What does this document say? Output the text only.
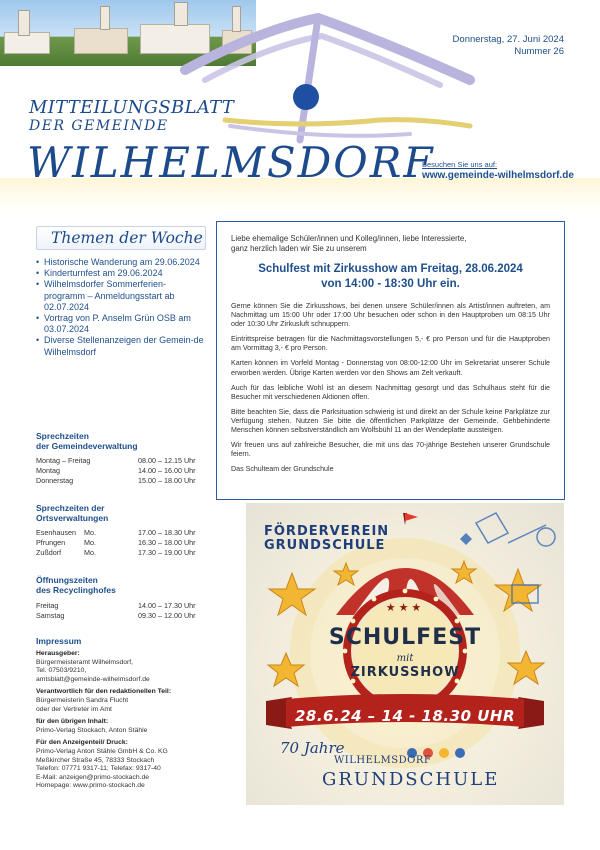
Donnerstag, 27. Juni 2024
Nummer 26
MITTEILUNGSBLATT
DER GEMEINDE
WILHELMSDORF
Besuchen Sie uns auf:
www.gemeinde-wilhelmsdorf.de
Themen der Woche
• Historische Wanderung am 29.06.2024
• Kinderturnfest am 29.06.2024
• Wilhelmsdorfer Sommerferien-programm – Anmeldungsstart ab 02.07.2024
• Vortrag von P. Anselm Grün OSB am 03.07.2024
• Diverse Stellenanzeigen der Gemein-de Wilhelmsdorf
Sprechzeiten
der Gemeindeverwaltung
Montag – Freitag	08.00 – 12.15 Uhr
Montag	14.00 – 16.00 Uhr
Donnerstag	15.00 – 18.00 Uhr
Sprechzeiten der
Ortsverwaltungen
Esenhausen	Mo.	17.00 – 18.30 Uhr
Pfrungen	Mo.	16.30 – 18.00 Uhr
Zußdorf	Mo.	17.30 – 19.00 Uhr
Öffnungszeiten
des Recyclinghofes
Freitag	14.00 – 17.30 Uhr
Samstag	09.30 – 12.00 Uhr
Impressum

Herausgeber:

Bürgermeisteramt Wilhelmsdorf,

Tel. 07503/9210,

amtsblatt@gemeinde-wilhelmsdorf.de

Verantwortlich für den redaktionellen Teil:

Bürgermeisterin Sandra Flucht

oder der Vertreter im Amt

für den übrigen Inhalt:

Primo-Verlag Stockach, Anton Stähle

Für den Anzeigenteil/ Druck:

Primo-Verlag Anton Stähle GmbH & Co. KG

Meßkircher Straße 45, 78333 Stockach

Telefon: 07771 9317-11; Telefax: 9317-40

E-Mail: anzeigen@primo-stockach.de

Homepage: www.primo-stockach.de

Liebe ehemalige Schüler/innen und Kolleg/innen, liebe Interessierte,
ganz herzlich laden wir Sie zu unserem
Schulfest mit Zirkusshow am Freitag, 28.06.2024
von 14:00 - 18:30 Uhr ein.

Gerne können Sie die Zirkusshows, bei denen unsere Schüler/innen als Artist/innen auftreten, am Nachmittag um 15:00 Uhr oder 17:00 Uhr besuchen oder schon in den Hauptproben um 08:15 Uhr oder 10:30 Uhr Zirkusluft schnuppern.

Eintrittspreise betragen für die Nachmittagsvorstellungen 5,- € pro Person und für die Hauptproben am Vormittag 3,- € pro Person.

Karten können im Vorfeld Montag - Donnerstag von 08:00-12:00 Uhr im Sekretariat unserer Schule erworben werden. Übrige Karten werden vor den Shows am Zelt verkauft.

Auch für das leibliche Wohl ist an diesem Nachmittag gesorgt und das Schulhaus steht für die Besucher mit verschiedenen Aktionen offen.

Bitte beachten Sie, dass die Parksituation schwierig ist und direkt an der Schule keine Parkplätze zur Verfügung stehen. Nutzen Sie bitte die öffentlichen Parkplätze der Gemeinde. Gehbehinderte Menschen können selbstverständlich am Wolfsbühl 11 an der Wendeplatte aussteigen.

Wir freuen uns auf zahlreiche Besucher, die mit uns das 70-jährige Bestehen unserer Grundschule feiern.

Das Schulteam der Grundschule

FÖRDERVEREIN
GRUNDSCHULE
★★★
SCHULFEST
mit
ZIRKUSSHOW
28.6.24 – 14 - 18.30 UHR
70 Jahre
WILHELMSDORF
GRUNDSCHULE
